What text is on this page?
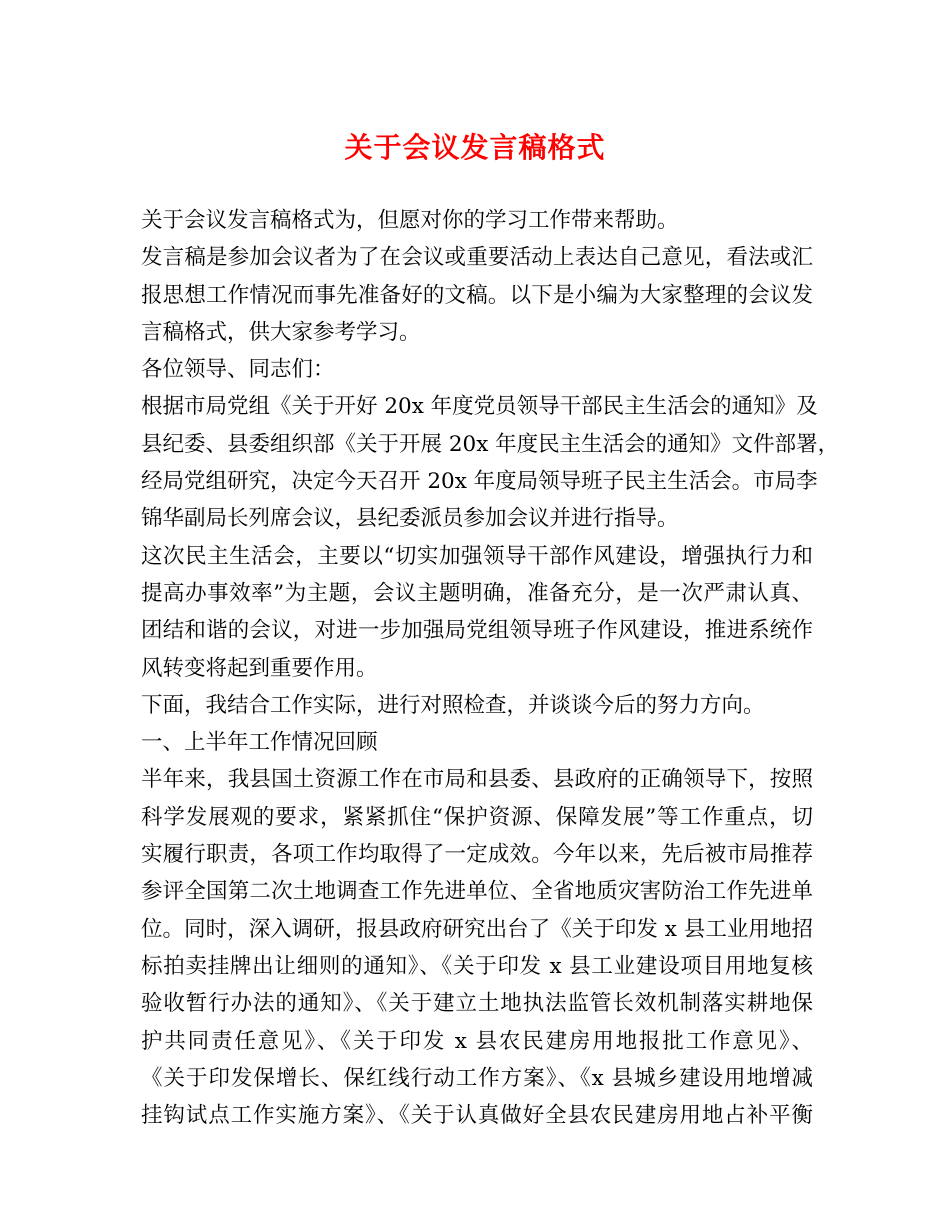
关于会议发言稿格式

关于会议发言稿格式为，但愿对你的学习工作带来帮助。

发言稿是参加会议者为了在会议或重要活动上表达自己意见，看法或汇

报思想工作情况而事先准备好的文稿。以下是小编为大家整理的会议发

言稿格式，供大家参考学习。

各位领导、同志们：

根据市局党组《关于开好 20x 年度党员领导干部民主生活会的通知》及

县纪委、县委组织部《关于开展 20x 年度民主生活会的通知》文件部署，

经局党组研究，决定今天召开 20x 年度局领导班子民主生活会。市局李

锦华副局长列席会议，县纪委派员参加会议并进行指导。

这次民主生活会，主要以“切实加强领导干部作风建设，增强执行力和

提高办事效率”为主题，会议主题明确，准备充分，是一次严肃认真、

团结和谐的会议，对进一步加强局党组领导班子作风建设，推进系统作

风转变将起到重要作用。

下面，我结合工作实际，进行对照检查，并谈谈今后的努力方向。

一、上半年工作情况回顾

半年来，我县国土资源工作在市局和县委、县政府的正确领导下，按照

科学发展观的要求，紧紧抓住“保护资源、保障发展”等工作重点，切

实履行职责，各项工作均取得了一定成效。今年以来，先后被市局推荐

参评全国第二次土地调查工作先进单位、全省地质灾害防治工作先进单

位。同时，深入调研，报县政府研究出台了《关于印发 x 县工业用地招

标拍卖挂牌出让细则的通知》、《关于印发 x 县工业建设项目用地复核

验收暂行办法的通知》、《关于建立土地执法监管长效机制落实耕地保

护共同责任意见》、《关于印发 x 县农民建房用地报批工作意见》、

《关于印发保增长、保红线行动工作方案》、《x 县城乡建设用地增减

挂钩试点工作实施方案》、《关于认真做好全县农民建房用地占补平衡
